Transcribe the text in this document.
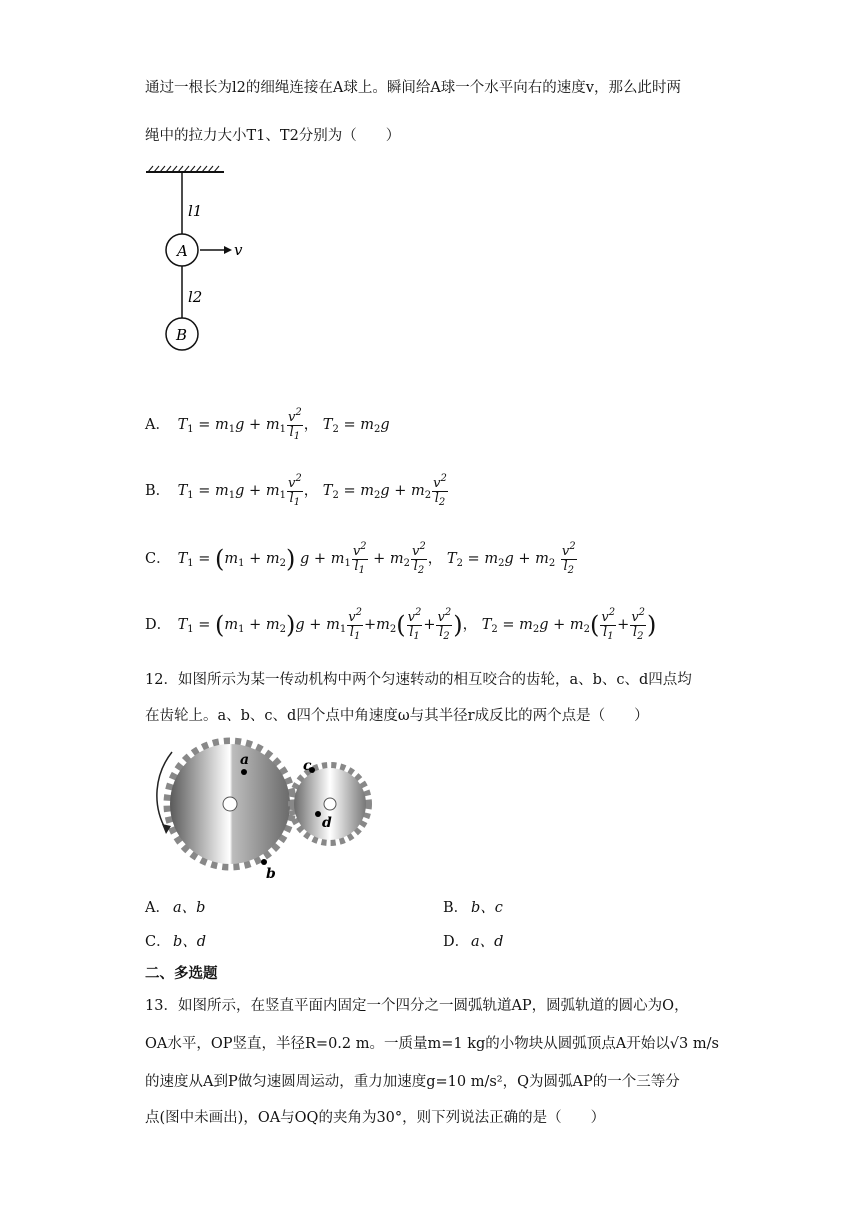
通过一根长为l2的细绳连接在A球上。瞬间给A球一个水平向右的速度v，那么此时两
绳中的拉力大小T1、T2分别为（　　）
l1
l2
A
B
v
A． $T_1 = m_1g + m_1 \frac{v^2}{l_1}$ ， $T_2 = m_2g$
B． $T_1 = m_1g + m_1 \frac{v^2}{l_1}$ ， $T_2 = m_2g + m_2 \frac{v^2}{l_2}$
C． $T_1 = (m_1 + m_2) g + m_1 \frac{v^2}{l_1} + m_2 \frac{v^2}{l_2}$ ， $T_2 = m_2g + m_2 \frac{v^2}{l_2}$
D． $T_1 = (m_1 + m_2)g + m_1 \frac{v^2}{l_1} +m_2( \frac{v^2}{l_1} + \frac{v^2}{l_2}$ )， $T_2 = m_2g + m_2( \frac{v^2}{l_1} + \frac{v^2}{l_2}$ )
12．如图所示为某一传动机构中两个匀速转动的相互咬合的齿轮，a、b、c、d四点均
在齿轮上。a、b、c、d四个点中角速度ω与其半径r成反比的两个点是（　　）
a
b
c
d
A． a、b	B． b、c
C． b、d	D． a、d
二、多选题
13．如图所示，在竖直平面内固定一个四分之一圆弧轨道AP，圆弧轨道的圆心为O，
OA水平，OP竖直，半径R=0.2 m。一质量m=1 kg的小物块从圆弧顶点A开始以√3 m/s
的速度从A到P做匀速圆周运动，重力加速度g=10 m/s²，Q为圆弧AP的一个三等分
点(图中未画出)，OA与OQ的夹角为30°，则下列说法正确的是（　　）
